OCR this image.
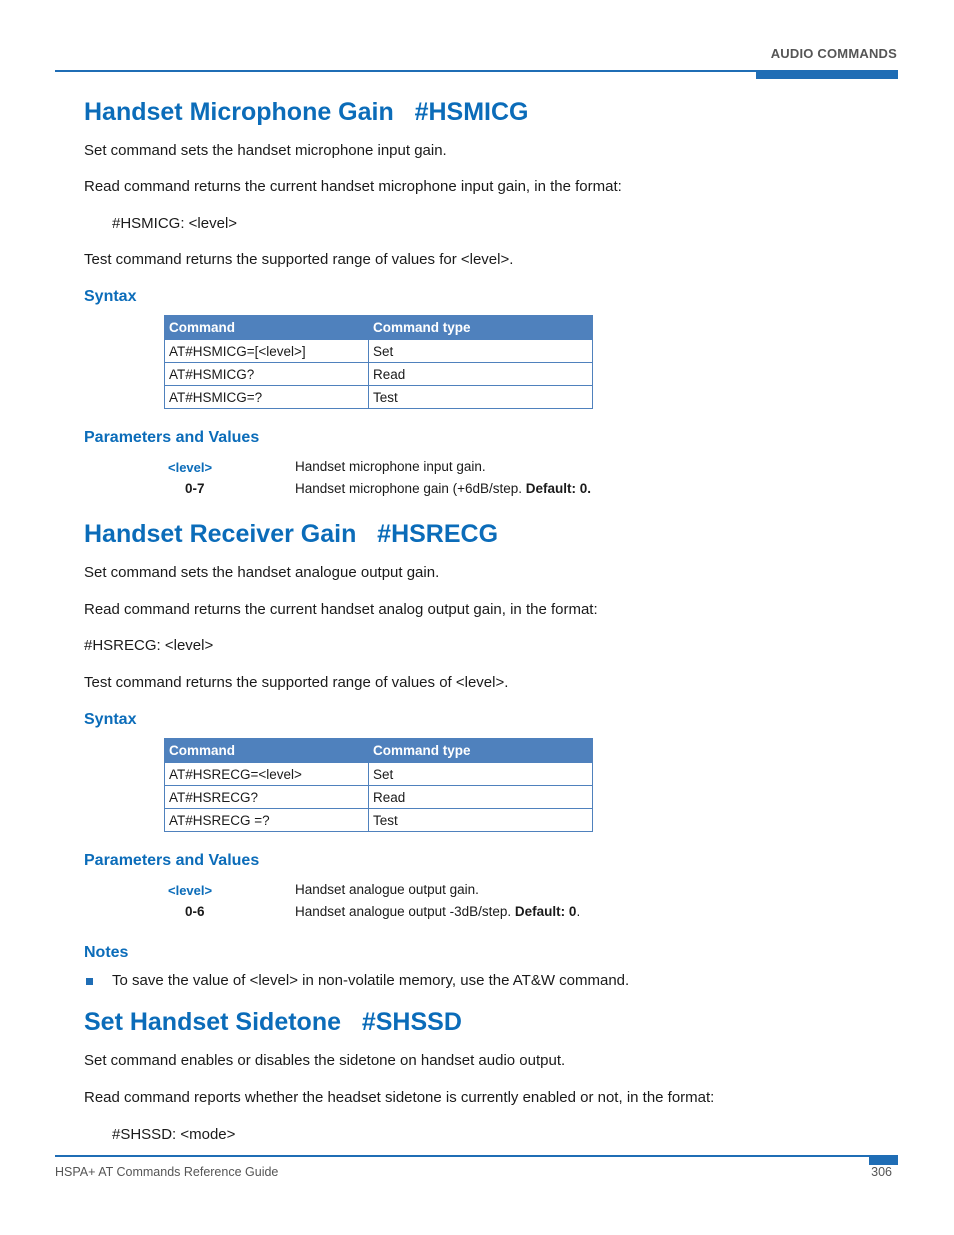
AUDIO COMMANDS
Handset Microphone Gain   #HSMICG

Set command sets the handset microphone input gain.

Read command returns the current handset microphone input gain, in the format:

#HSMICG: <level>

Test command returns the supported range of values for <level>.

Syntax
Command	Command type
AT#HSMICG=[<level>]	Set
AT#HSMICG?	Read
AT#HSMICG=?	Test
Parameters and Values
<level>	Handset microphone input gain.
0-7	Handset microphone gain (+6dB/step. Default: 0.
Handset Receiver Gain   #HSRECG

Set command sets the handset analogue output gain.

Read command returns the current handset analog output gain, in the format:

#HSRECG: <level>

Test command returns the supported range of values of <level>.

Syntax
Command	Command type
AT#HSRECG=<level>	Set
AT#HSRECG?	Read
AT#HSRECG =?	Test
Parameters and Values
<level>	Handset analogue output gain.
0-6	Handset analogue output -3dB/step. Default: 0.
Notes

To save the value of <level> in non-volatile memory, use the AT&W command.

Set Handset Sidetone   #SHSSD

Set command enables or disables the sidetone on handset audio output.

Read command reports whether the headset sidetone is currently enabled or not, in the format:

#SHSSD: <mode>

HSPA+ AT Commands Reference Guide	306
